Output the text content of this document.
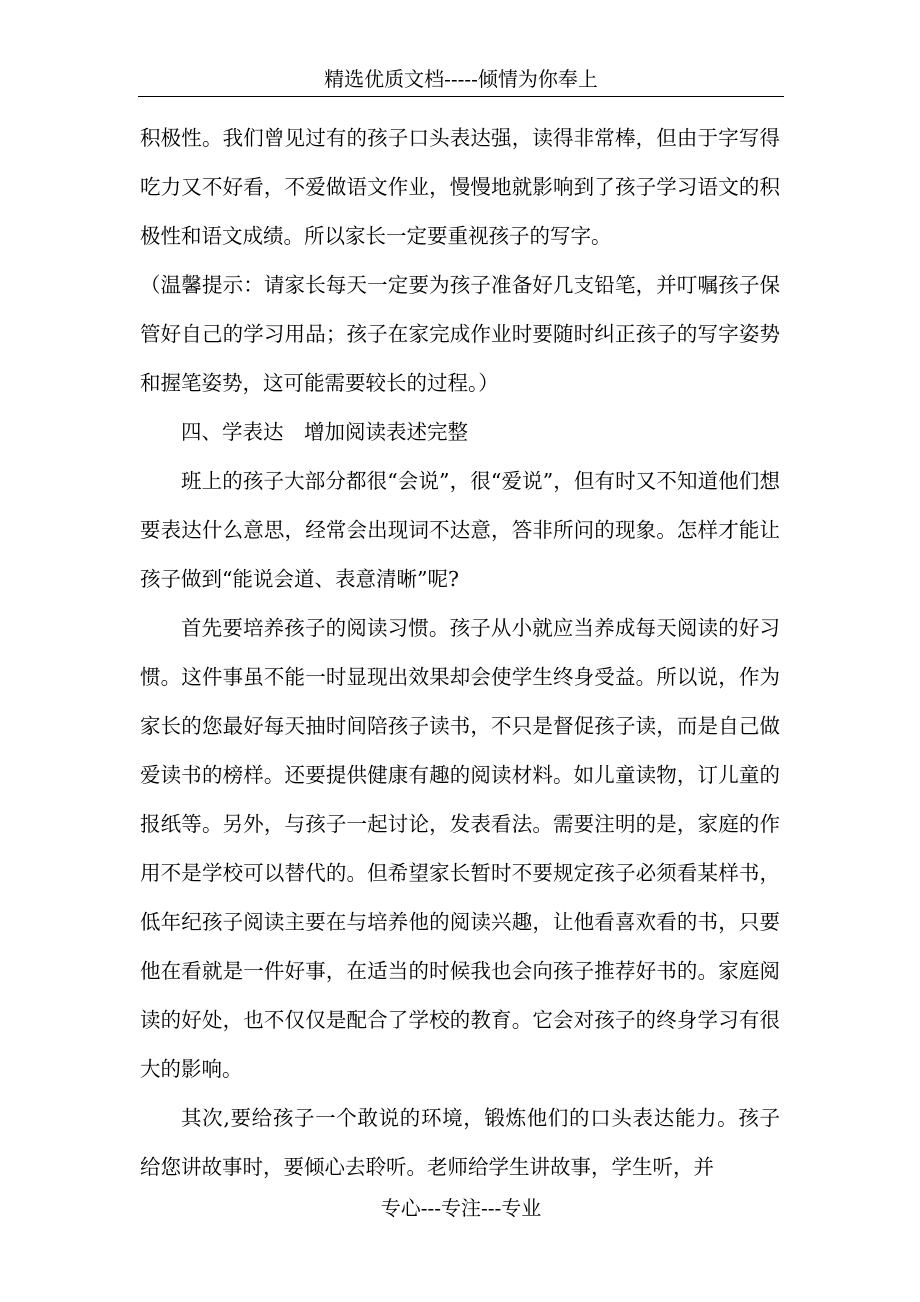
精选优质文档-----倾情为你奉上

积极性。我们曾见过有的孩子口头表达强，读得非常棒，但由于字写得吃力又不好看，不爱做语文作业，慢慢地就影响到了孩子学习语文的积极性和语文成绩。所以家长一定要重视孩子的写字。

（温馨提示：请家长每天一定要为孩子准备好几支铅笔，并叮嘱孩子保管好自己的学习用品；孩子在家完成作业时要随时纠正孩子的写字姿势和握笔姿势，这可能需要较长的过程。）

四、学表达　增加阅读表述完整

班上的孩子大部分都很“会说”，很“爱说”，但有时又不知道他们想要表达什么意思，经常会出现词不达意，答非所问的现象。怎样才能让孩子做到“能说会道、表意清晰”呢?

首先要培养孩子的阅读习惯。孩子从小就应当养成每天阅读的好习惯。这件事虽不能一时显现出效果却会使学生终身受益。所以说，作为家长的您最好每天抽时间陪孩子读书，不只是督促孩子读，而是自己做爱读书的榜样。还要提供健康有趣的阅读材料。如儿童读物，订儿童的报纸等。另外，与孩子一起讨论，发表看法。需要注明的是，家庭的作用不是学校可以替代的。但希望家长暂时不要规定孩子必须看某样书，低年纪孩子阅读主要在与培养他的阅读兴趣，让他看喜欢看的书，只要他在看就是一件好事，在适当的时候我也会向孩子推荐好书的。家庭阅读的好处，也不仅仅是配合了学校的教育。它会对孩子的终身学习有很大的影响。

其次,要给孩子一个敢说的环境，锻炼他们的口头表达能力。孩子给您讲故事时，要倾心去聆听。老师给学生讲故事，学生听，并

专心---专注---专业
